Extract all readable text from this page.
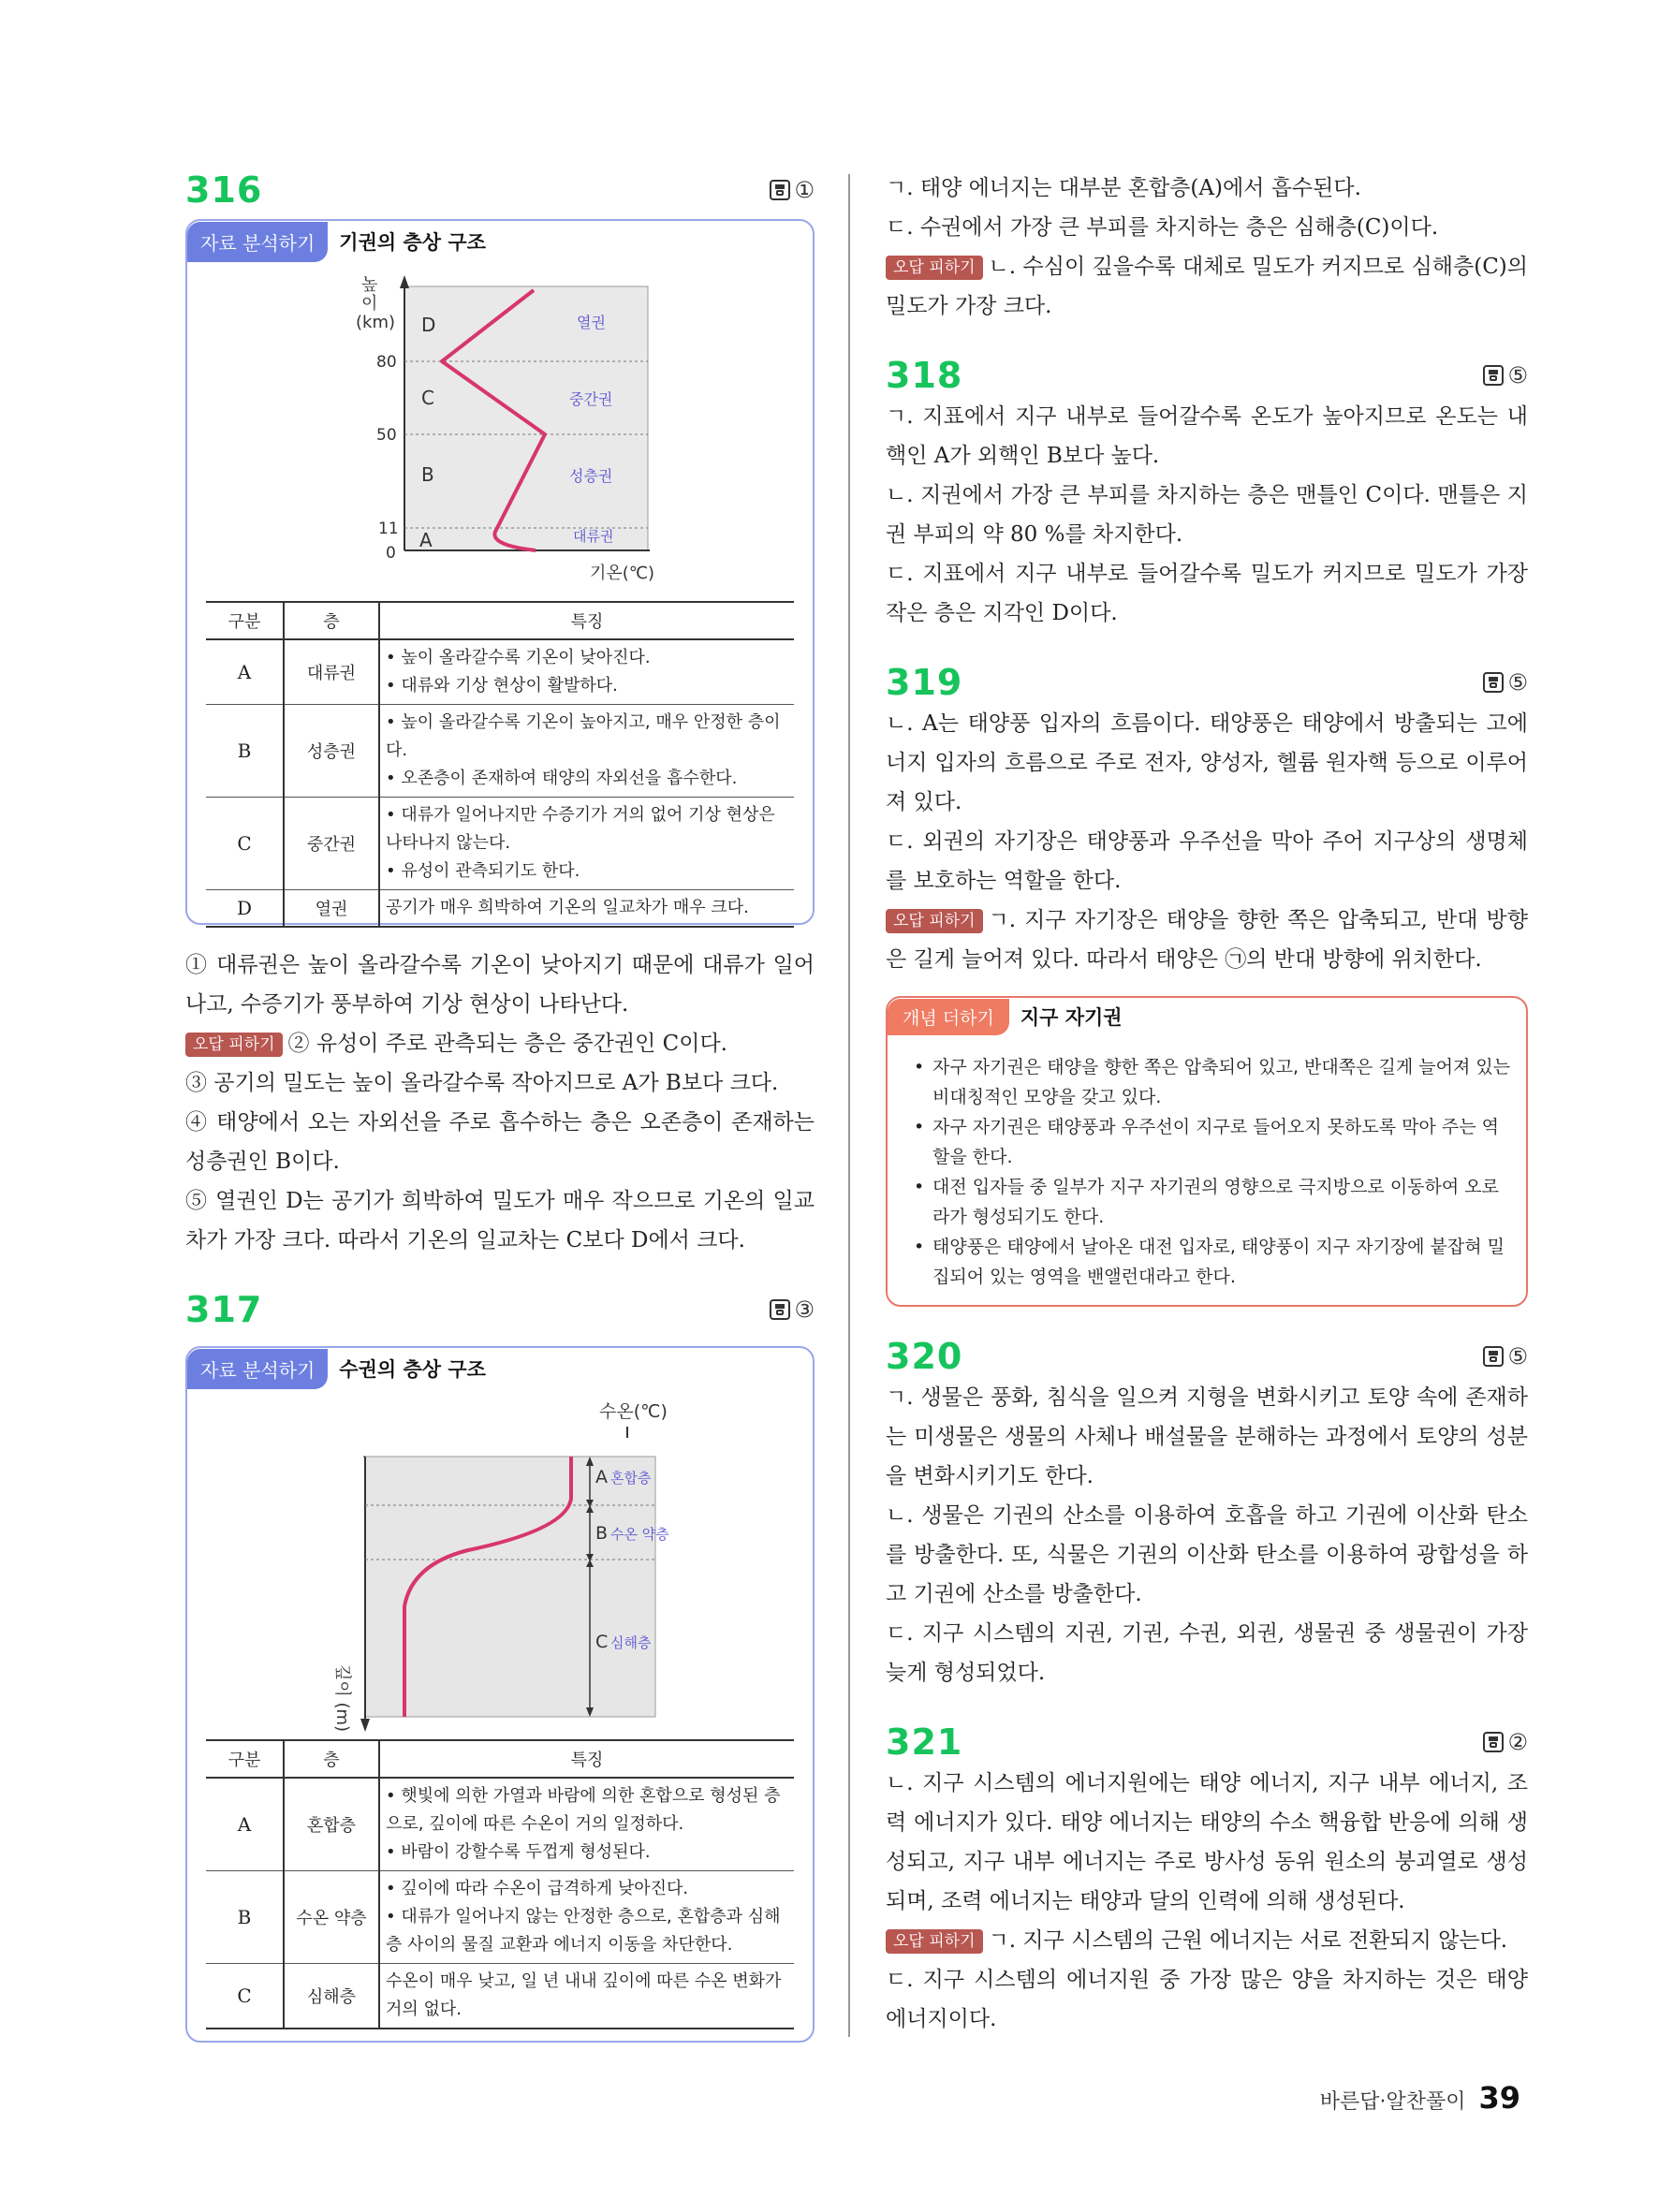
316	①
자료 분석하기	기권의 층상 구조
높 이 (km)
80
50
11
0
D
C
B
A
열권
중간권
성층권
대류권
기온(℃)
구분	층	특징
A	대류권	• 높이 올라갈수록 기온이 낮아진다.
• 대류와 기상 현상이 활발하다.

B	성층권	• 높이 올라갈수록 기온이 높아지고, 매우 안정한 층이다.
• 오존층이 존재하여 태양의 자외선을 흡수한다.

C	중간권	• 대류가 일어나지만 수증기가 거의 없어 기상 현상은 나타나지 않는다.
• 유성이 관측되기도 한다.

D	열권	공기가 매우 희박하여 기온의 일교차가 매우 크다.

① 대류권은 높이 올라갈수록 기온이 낮아지기 때문에 대류가 일어나고, 수증기가 풍부하여 기상 현상이 나타난다.

오답 피하기 ② 유성이 주로 관측되는 층은 중간권인 C이다.

③ 공기의 밀도는 높이 올라갈수록 작아지므로 A가 B보다 크다.

④ 태양에서 오는 자외선을 주로 흡수하는 층은 오존층이 존재하는 성층권인 B이다.

⑤ 열권인 D는 공기가 희박하여 밀도가 매우 작으므로 기온의 일교차가 가장 크다. 따라서 기온의 일교차는 C보다 D에서 크다.

317	③
자료 분석하기	수권의 층상 구조
수온(℃)
A 혼합층
B 수온 약층
C 심해층
깊이 (m)
구분	층	특징
A	혼합층	• 햇빛에 의한 가열과 바람에 의한 혼합으로 형성된 층으로, 깊이에 따른 수온이 거의 일정하다.
• 바람이 강할수록 두껍게 형성된다.

B	수온 약층	• 깊이에 따라 수온이 급격하게 낮아진다.
• 대류가 일어나지 않는 안정한 층으로, 혼합층과 심해층 사이의 물질 교환과 에너지 이동을 차단한다.

C	심해층	수온이 매우 낮고, 일 년 내내 깊이에 따른 수온 변화가 거의 없다.

ㄱ. 태양 에너지는 대부분 혼합층(A)에서 흡수된다.

ㄷ. 수권에서 가장 큰 부피를 차지하는 층은 심해층(C)이다.

오답 피하기 ㄴ. 수심이 깊을수록 대체로 밀도가 커지므로 심해층(C)의 밀도가 가장 크다.

318	⑤

ㄱ. 지표에서 지구 내부로 들어갈수록 온도가 높아지므로 온도는 내핵인 A가 외핵인 B보다 높다.

ㄴ. 지권에서 가장 큰 부피를 차지하는 층은 맨틀인 C이다. 맨틀은 지권 부피의 약 80 %를 차지한다.

ㄷ. 지표에서 지구 내부로 들어갈수록 밀도가 커지므로 밀도가 가장 작은 층은 지각인 D이다.

319	⑤

ㄴ. A는 태양풍 입자의 흐름이다. 태양풍은 태양에서 방출되는 고에너지 입자의 흐름으로 주로 전자, 양성자, 헬륨 원자핵 등으로 이루어져 있다.

ㄷ. 외권의 자기장은 태양풍과 우주선을 막아 주어 지구상의 생명체를 보호하는 역할을 한다.

오답 피하기 ㄱ. 지구 자기장은 태양을 향한 쪽은 압축되고, 반대 방향은 길게 늘어져 있다. 따라서 태양은 ㉠의 반대 방향에 위치한다.

개념 더하기	지구 자기권
• 자구 자기권은 태양을 향한 쪽은 압축되어 있고, 반대쪽은 길게 늘어져 있는 비대칭적인 모양을 갖고 있다.
• 자구 자기권은 태양풍과 우주선이 지구로 들어오지 못하도록 막아 주는 역할을 한다.
• 대전 입자들 중 일부가 지구 자기권의 영향으로 극지방으로 이동하여 오로라가 형성되기도 한다.
• 태양풍은 태양에서 날아온 대전 입자로, 태양풍이 지구 자기장에 붙잡혀 밀집되어 있는 영역을 밴앨런대라고 한다.
320	⑤

ㄱ. 생물은 풍화, 침식을 일으켜 지형을 변화시키고 토양 속에 존재하는 미생물은 생물의 사체나 배설물을 분해하는 과정에서 토양의 성분을 변화시키기도 한다.

ㄴ. 생물은 기권의 산소를 이용하여 호흡을 하고 기권에 이산화 탄소를 방출한다. 또, 식물은 기권의 이산화 탄소를 이용하여 광합성을 하고 기권에 산소를 방출한다.

ㄷ. 지구 시스템의 지권, 기권, 수권, 외권, 생물권 중 생물권이 가장 늦게 형성되었다.

321	②

ㄴ. 지구 시스템의 에너지원에는 태양 에너지, 지구 내부 에너지, 조력 에너지가 있다. 태양 에너지는 태양의 수소 핵융합 반응에 의해 생성되고, 지구 내부 에너지는 주로 방사성 동위 원소의 붕괴열로 생성되며, 조력 에너지는 태양과 달의 인력에 의해 생성된다.

오답 피하기 ㄱ. 지구 시스템의 근원 에너지는 서로 전환되지 않는다.

ㄷ. 지구 시스템의 에너지원 중 가장 많은 양을 차지하는 것은 태양 에너지이다.

바른답·알찬풀이 39
